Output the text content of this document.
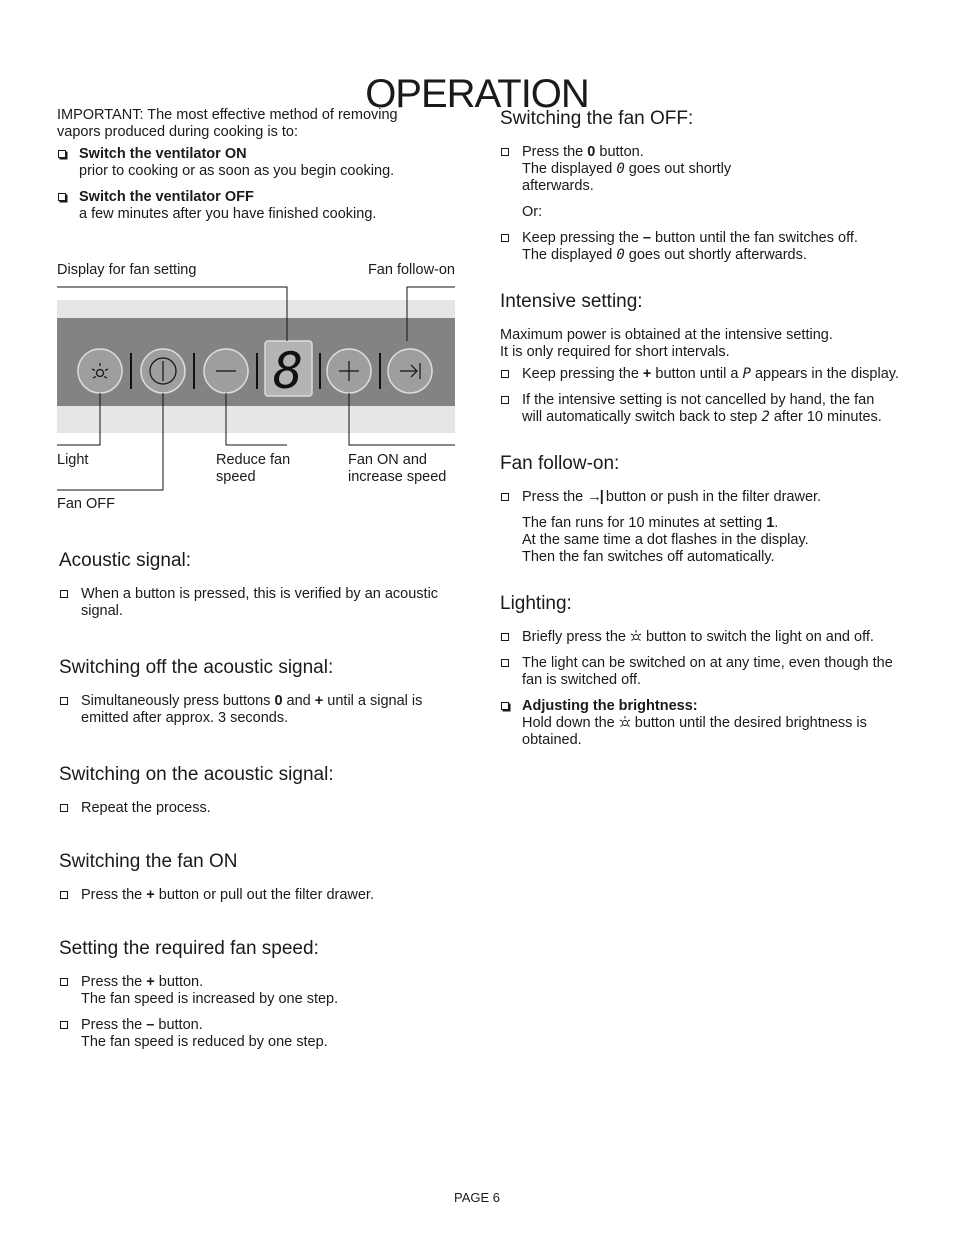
OPERATION

IMPORTANT: The most effective method of removing vapors produced during cooking is to:

Switch the ventilator ON
prior to cooking or as soon as you begin cooking.
Switch the ventilator OFF
a few minutes after you have finished cooking.
8
Display for fan setting	Fan follow-on
Light
Fan OFF
Reduce fan
speed
Fan ON and
increase speed
Acoustic signal:
When a button is pressed, this is verified by an acoustic signal.
Switching off the acoustic signal:
Simultaneously press buttons 0 and + until a signal is emitted after approx. 3 seconds.
Switching on the acoustic signal:
Repeat the process.
Switching the fan ON
Press the + button or pull out the filter drawer.
Setting the required fan speed:
Press the + button.
The fan speed is increased by one step.
Press the – button.
The fan speed is reduced by one step.
Switching the fan OFF:
Press the 0 button.
The displayed 0 goes out shortly
afterwards.
Or:
Keep pressing the – button until the fan switches off.
The displayed 0 goes out shortly afterwards.
Intensive setting:

Maximum power is obtained at the intensive setting.

It is only required for short intervals.

Keep pressing the + button until a P appears in the display.
If the intensive setting is not cancelled by hand, the fan will automatically switch back to step 2 after 10 minutes.
Fan follow-on:
Press the →| button or push in the filter drawer.
The fan runs for 10 minutes at setting 1.
At the same time a dot flashes in the display.
Then the fan switches off automatically.
Lighting:
Briefly press the button to switch the light on and off.
The light can be switched on at any time, even though the fan is switched off.
Adjusting the brightness:
Hold down the button until the desired brightness is obtained.
PAGE 6
